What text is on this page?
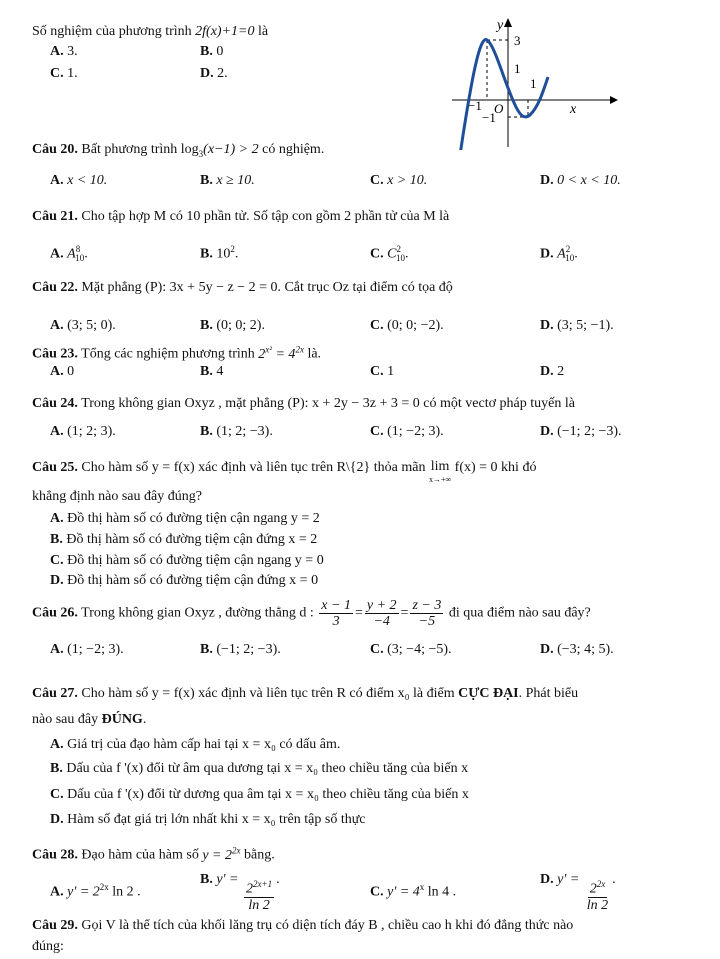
Số nghiệm của phương trình 2f(x)+1=0 là
A. 3.	B. 0
C. 1.	D. 2.
y
x
3
1
1
−1 O
−1
Câu 20. Bất phương trình $\log_3(x-1) > 2$ có nghiệm.
A. x < 10.	B. x ≥ 10.	C. x > 10.	D. 0 < x < 10.
Câu 21. Cho tập hợp M có 10 phần tử. Số tập con gồm 2 phần tử của M là
A. $A^8_{10}$.	B. $10^2$.	C. $C^2_{10}$.	D. $A^2_{10}$.
Câu 22. Mặt phẳng (P): 3x + 5y − z − 2 = 0. Cắt trục Oz tại điểm có tọa độ
A. (3; 5; 0).	B. (0; 0; 2).	C. (0; 0; −2).	D. (3; 5; −1).
Câu 23. Tổng các nghiệm phương trình $2^{x^2} = 4^{2x}$ là.
A. 0	B. 4	C. 1	D. 2
Câu 24. Trong không gian Oxyz , mặt phẳng (P): x + 2y − 3z + 3 = 0 có một vectơ pháp tuyến là
A. (1; 2; 3).	B. (1; 2; −3).	C. (1; −2; 3).	D. (−1; 2; −3).
Câu 25. Cho hàm số y = f(x) xác định và liên tục trên R\{2} thỏa mãn lim
x→+∞
f(x) = 0 khi đó
khẳng định nào sau đây đúng?
A. Đồ thị hàm số có đường tiện cận ngang y = 2
B. Đồ thị hàm số có đường tiệm cận đứng x = 2
C. Đồ thị hàm số có đường tiệm cận ngang y = 0
D. Đồ thị hàm số có đường tiệm cận đứng x = 0
Câu 26. Trong không gian Oxyz , đường thẳng d : $\frac{x - 1}{3} = \frac{y + 2}{-4} = \frac{z - 3}{-5}$ đi qua điểm nào sau đây?
A. (1; −2; 3).	B. (−1; 2; −3).	C. (3; −4; −5).	D. (−3; 4; 5).
Câu 27. Cho hàm số y = f(x) xác định và liên tục trên R có điểm x₀ là điểm CỰC ĐẠI. Phát biểu
nào sau đây ĐÚNG.
A. Giá trị của đạo hàm cấp hai tại x = x₀ có dấu âm.
B. Dấu của f '(x) đổi từ âm qua dương tại x = x₀ theo chiều tăng của biến x
C. Dấu của f '(x) đổi từ dương qua âm tại x = x₀ theo chiều tăng của biến x
D. Hàm số đạt giá trị lớn nhất khi x = x₀ trên tập số thực
Câu 28. Đạo hàm của hàm số $y = 2^{2x}$ bằng.
A. $y' = 2^{2x}$ ln 2 .
B. $y' = \frac{2^{2x+1}}{\ln 2}$ .
C. $y' = 4^x$ ln 4 .
D. $y' = \frac{2^{2x}}{\ln 2}$ .
Câu 29. Gọi V là thể tích của khối lăng trụ có diện tích đáy B , chiều cao h khi đó đẳng thức nào
đúng:
